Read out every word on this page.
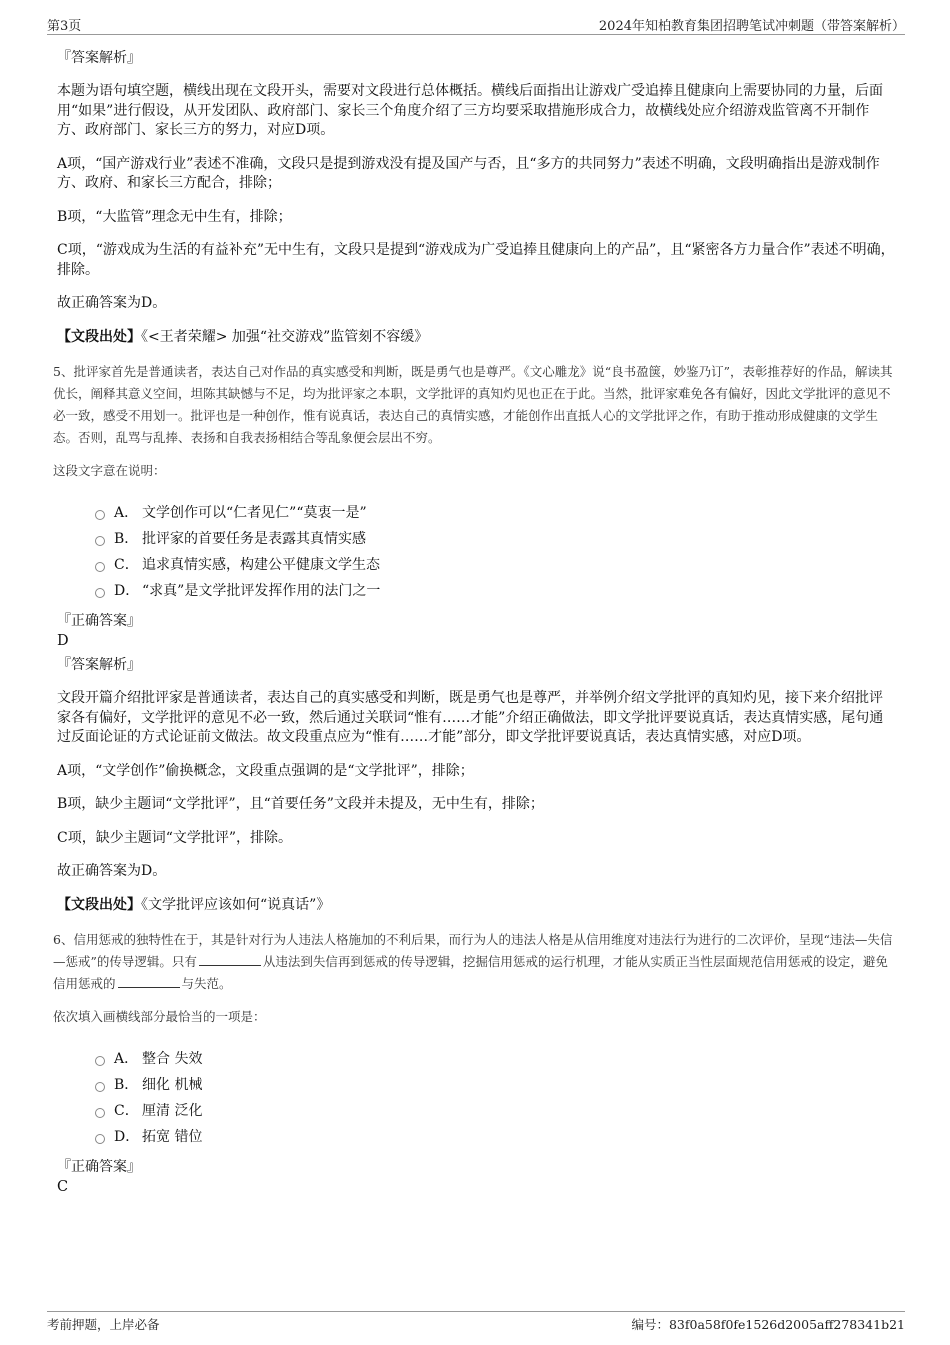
第3页	2024年知柏教育集团招聘笔试冲刺题（带答案解析）
『答案解析』

本题为语句填空题，横线出现在文段开头，需要对文段进行总体概括。横线后面指出让游戏广受追捧且健康向上需要协同的力量，后面用“如果”进行假设，从开发团队、政府部门、家长三个角度介绍了三方均要采取措施形成合力，故横线处应介绍游戏监管离不开制作方、政府部门、家长三方的努力，对应D项。

A项，“国产游戏行业”表述不准确，文段只是提到游戏没有提及国产与否，且“多方的共同努力”表述不明确，文段明确指出是游戏制作方、政府、和家长三方配合，排除；

B项，“大监管”理念无中生有，排除；

C项，“游戏成为生活的有益补充”无中生有，文段只是提到“游戏成为广受追捧且健康向上的产品”，且“紧密各方力量合作”表述不明确，排除。

故正确答案为D。

【文段出处】《<王者荣耀> 加强“社交游戏”监管刻不容缓》

5、批评家首先是普通读者，表达自己对作品的真实感受和判断，既是勇气也是尊严。《文心雕龙》说“良书盈箧，妙鉴乃订”，表彰推荐好的作品，解读其优长，阐释其意义空间，坦陈其缺憾与不足，均为批评家之本职，文学批评的真知灼见也正在于此。当然，批评家难免各有偏好，因此文学批评的意见不必一致，感受不用划一。批评也是一种创作，惟有说真话，表达自己的真情实感，才能创作出直抵人心的文学批评之作，有助于推动形成健康的文学生态。否则，乱骂与乱捧、表扬和自我表扬相结合等乱象便会层出不穷。
这段文字意在说明：
A． 文学创作可以“仁者见仁”“莫衷一是”
B． 批评家的首要任务是表露其真情实感
C． 追求真情实感，构建公平健康文学生态
D． “求真”是文学批评发挥作用的法门之一
『正确答案』
D
『答案解析』

文段开篇介绍批评家是普通读者，表达自己的真实感受和判断，既是勇气也是尊严，并举例介绍文学批评的真知灼见，接下来介绍批评家各有偏好，文学批评的意见不必一致，然后通过关联词“惟有……才能”介绍正确做法，即文学批评要说真话，表达真情实感，尾句通过反面论证的方式论证前文做法。故文段重点应为“惟有……才能”部分，即文学批评要说真话，表达真情实感，对应D项。

A项，“文学创作”偷换概念，文段重点强调的是“文学批评”，排除；

B项，缺少主题词“文学批评”，且“首要任务”文段并未提及，无中生有，排除；

C项，缺少主题词“文学批评”，排除。

故正确答案为D。

【文段出处】《文学批评应该如何“说真话”》

6、信用惩戒的独特性在于，其是针对行为人违法人格施加的不利后果，而行为人的违法人格是从信用维度对违法行为进行的二次评价，呈现“违法—失信—惩戒”的传导逻辑。只有	从违法到失信再到惩戒的传导逻辑，挖掘信用惩戒的运行机理，才能从实质正当性层面规范信用惩戒的设定，避免信用惩戒的	与失范。
依次填入画横线部分最恰当的一项是：
A． 整合 失效
B． 细化 机械
C． 厘清 泛化
D． 拓宽 错位
『正确答案』
C
考前押题，上岸必备	编号：83f0a58f0fe1526d2005aff278341b21
